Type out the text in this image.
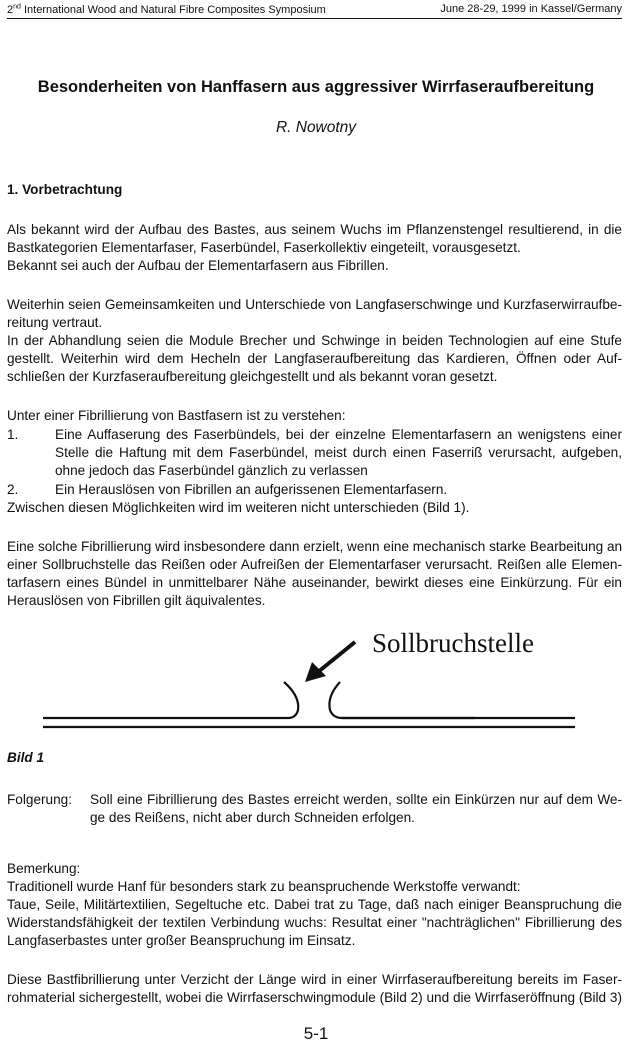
2nd International Wood and Natural Fibre Composites Symposium	June 28-29, 1999 in Kassel/Germany
Besonderheiten von Hanffasern aus aggressiver Wirrfaseraufbereitung
R. Nowotny
1. Vorbetrachtung
Als bekannt wird der Aufbau des Bastes, aus seinem Wuchs im Pflanzenstengel resultierend, in die
Bastkategorien Elementarfaser, Faserbündel, Faserkollektiv eingeteilt, vorausgesetzt.
Bekannt sei auch der Aufbau der Elementarfasern aus Fibrillen.
Weiterhin seien Gemeinsamkeiten und Unterschiede von Langfaserschwinge und Kurzfaserwirraufbe-
reitung vertraut.
In der Abhandlung seien die Module Brecher und Schwinge in beiden Technologien auf eine Stufe
gestellt. Weiterhin wird dem Hecheln der Langfaseraufbereitung das Kardieren, Öffnen oder Auf-
schließen der Kurzfaseraufbereitung gleichgestellt und als bekannt voran gesetzt.
Unter einer Fibrillierung von Bastfasern ist zu verstehen:
1.	Eine Auffaserung des Faserbündels, bei der einzelne Elementarfasern an wenigstens einer
Stelle die Haftung mit dem Faserbündel, meist durch einen Faserriß verursacht, aufgeben,
ohne jedoch das Faserbündel gänzlich zu verlassen
2.	Ein Herauslösen von Fibrillen an aufgerissenen Elementarfasern.
Zwischen diesen Möglichkeiten wird im weiteren nicht unterschieden (Bild 1).
Eine solche Fibrillierung wird insbesondere dann erzielt, wenn eine mechanisch starke Bearbeitung an
einer Sollbruchstelle das Reißen oder Aufreißen der Elementarfaser verursacht. Reißen alle Elemen-
tarfasern eines Bündel in unmittelbarer Nähe auseinander, bewirkt dieses eine Einkürzung. Für ein
Herauslösen von Fibrillen gilt äquivalentes.
Sollbruchstelle
Bild 1
Folgerung:	Soll eine Fibrillierung des Bastes erreicht werden, sollte ein Einkürzen nur auf dem We-
ge des Reißens, nicht aber durch Schneiden erfolgen.
Bemerkung:
Traditionell wurde Hanf für besonders stark zu beanspruchende Werkstoffe verwandt:
Taue, Seile, Militärtextilien, Segeltuche etc. Dabei trat zu Tage, daß nach einiger Beanspruchung die
Widerstandsfähigkeit der textilen Verbindung wuchs: Resultat einer "nachträglichen" Fibrillierung des
Langfaserbastes unter großer Beanspruchung im Einsatz.
Diese Bastfibrillierung unter Verzicht der Länge wird in einer Wirrfaseraufbereitung bereits im Faser-
rohmaterial sichergestellt, wobei die Wirrfaserschwingmodule (Bild 2) und die Wirrfaseröffnung (Bild 3)
5-1
